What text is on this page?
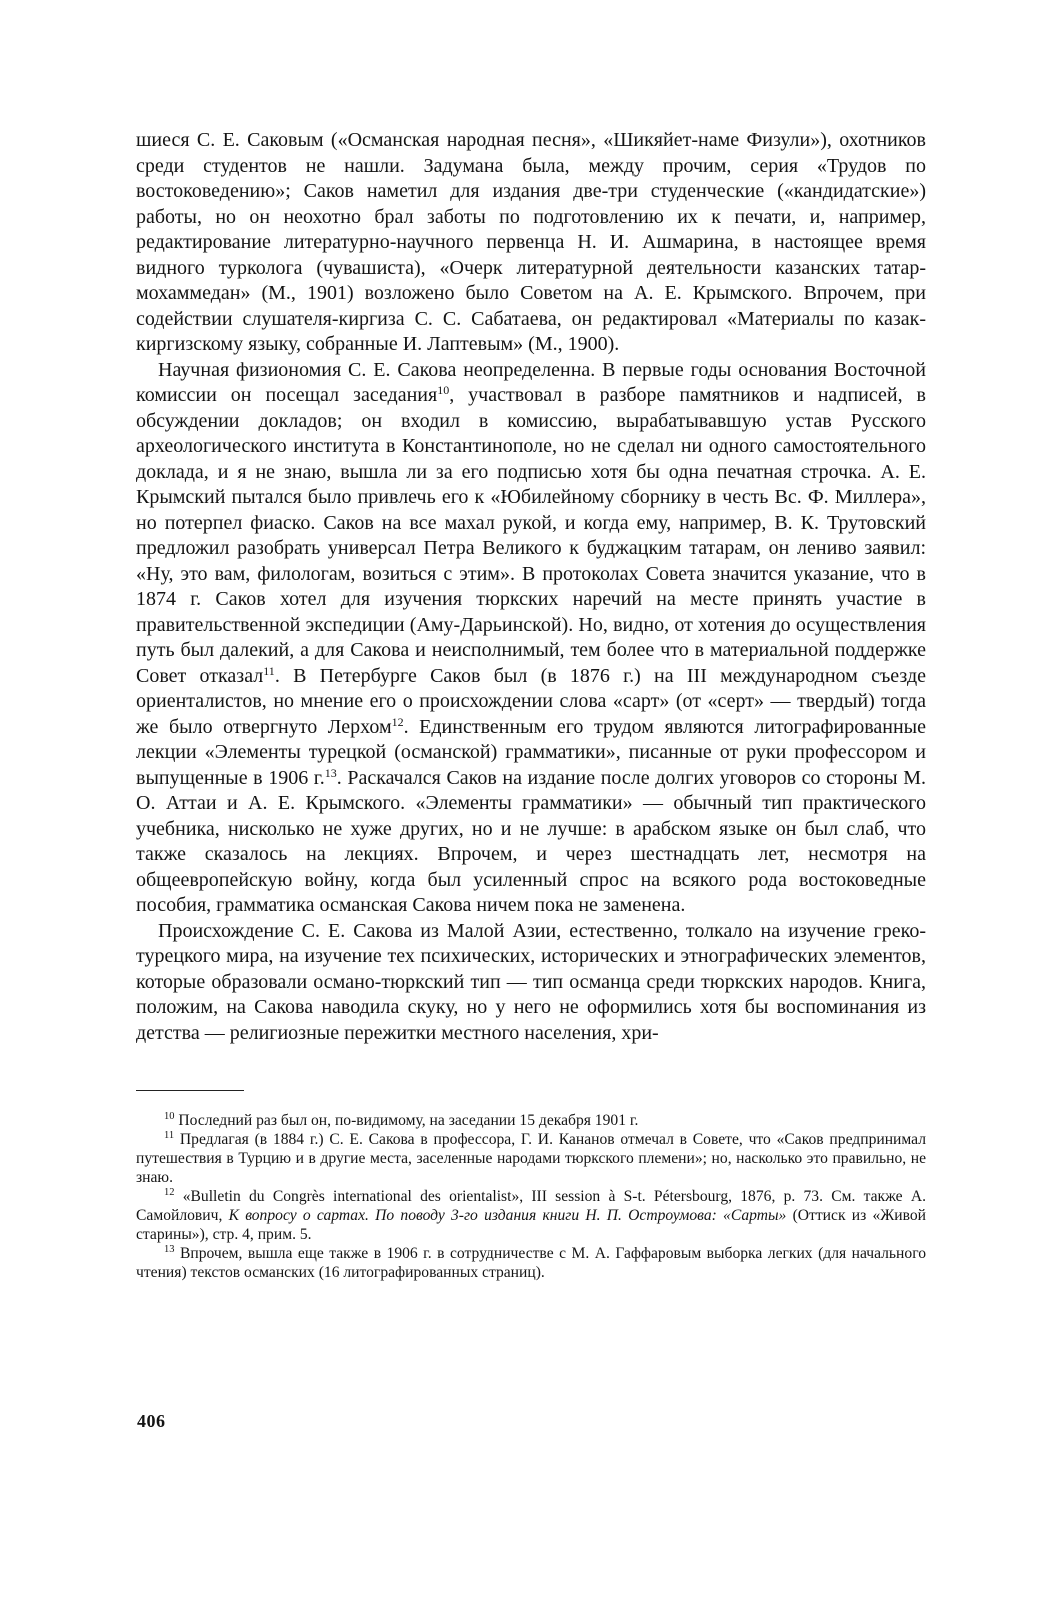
шиеся С. Е. Саковым («Османская народная песня», «Шикяйет-наме Физули»), охотников среди студентов не нашли. Задумана была, между прочим, серия «Трудов по востоковедению»; Саков наметил для издания две-три студенческие («кандидатские») работы, но он неохотно брал заботы по подготовлению их к печати, и, например, редактирование литературно-научного первенца Н. И. Ашмарина, в настоящее время видного турколога (чувашиста), «Очерк литературной деятельности казанских татар-мохаммедан» (М., 1901) возложено было Советом на А. Е. Крымского. Впрочем, при содействии слушателя-киргиза С. С. Сабатаева, он редактировал «Материалы по казак-киргизскому языку, собранные И. Лаптевым» (М., 1900).

Научная физиономия С. Е. Сакова неопределенна. В первые годы основания Восточной комиссии он посещал заседания$^{10}$, участвовал в разборе памятников и надписей, в обсуждении докладов; он входил в комиссию, вырабатывавшую устав Русского археологического института в Константинополе, но не сделал ни одного самостоятельного доклада, и я не знаю, вышла ли за его подписью хотя бы одна печатная строчка. А. Е. Крымский пытался было привлечь его к «Юбилейному сборнику в честь Вс. Ф. Миллера», но потерпел фиаско. Саков на все махал рукой, и когда ему, например, В. К. Трутовский предложил разобрать универсал Петра Великого к буджацким татарам, он лениво заявил: «Ну, это вам, филологам, возиться с этим». В протоколах Совета значится указание, что в 1874 г. Саков хотел для изучения тюркских наречий на месте принять участие в правительственной экспедиции (Аму-Дарьинской). Но, видно, от хотения до осуществления путь был далекий, а для Сакова и неисполнимый, тем более что в материальной поддержке Совет отказал$^{11}$. В Петербурге Саков был (в 1876 г.) на III международном съезде ориенталистов, но мнение его о происхождении слова «сарт» (от «серт» — твердый) тогда же было отвергнуто Лерхом$^{12}$. Единственным его трудом являются литографированные лекции «Элементы турецкой (османской) грамматики», писанные от руки профессором и выпущенные в 1906 г.$^{13}$. Раскачался Саков на издание после долгих уговоров со стороны М. О. Аттаи и А. Е. Крымского. «Элементы грамматики» — обычный тип практического учебника, нисколько не хуже других, но и не лучше: в арабском языке он был слаб, что также сказалось на лекциях. Впрочем, и через шестнадцать лет, несмотря на общеевропейскую войну, когда был усиленный спрос на всякого рода востоковедные пособия, грамматика османская Сакова ничем пока не заменена.

Происхождение С. Е. Сакова из Малой Азии, естественно, толкало на изучение греко-турецкого мира, на изучение тех психических, исторических и этнографических элементов, которые образовали османо-тюркский тип — тип османца среди тюркских народов. Книга, положим, на Сакова наводила скуку, но у него не оформились хотя бы воспоминания из детства — религиозные пережитки местного населения, хри-

$^{10}$ Последний раз был он, по-видимому, на заседании 15 декабря 1901 г.

$^{11}$ Предлагая (в 1884 г.) С. Е. Сакова в профессора, Г. И. Кананов отмечал в Совете, что «Саков предпринимал путешествия в Турцию и в другие места, заселенные народами тюркского племени»; но, насколько это правильно, не знаю.

$^{12}$ «Bulletin du Congrès international des orientalist», III session à S-t. Pétersbourg, 1876, p. 73. См. также А. Самойлович, К вопросу о сартах. По поводу 3-го издания книги Н. П. Остроумова: «Сарты» (Оттиск из «Живой старины»), стр. 4, прим. 5.

$^{13}$ Впрочем, вышла еще также в 1906 г. в сотрудничестве с М. А. Гаффаровым выборка легких (для начального чтения) текстов османских (16 литографированных страниц).

406
